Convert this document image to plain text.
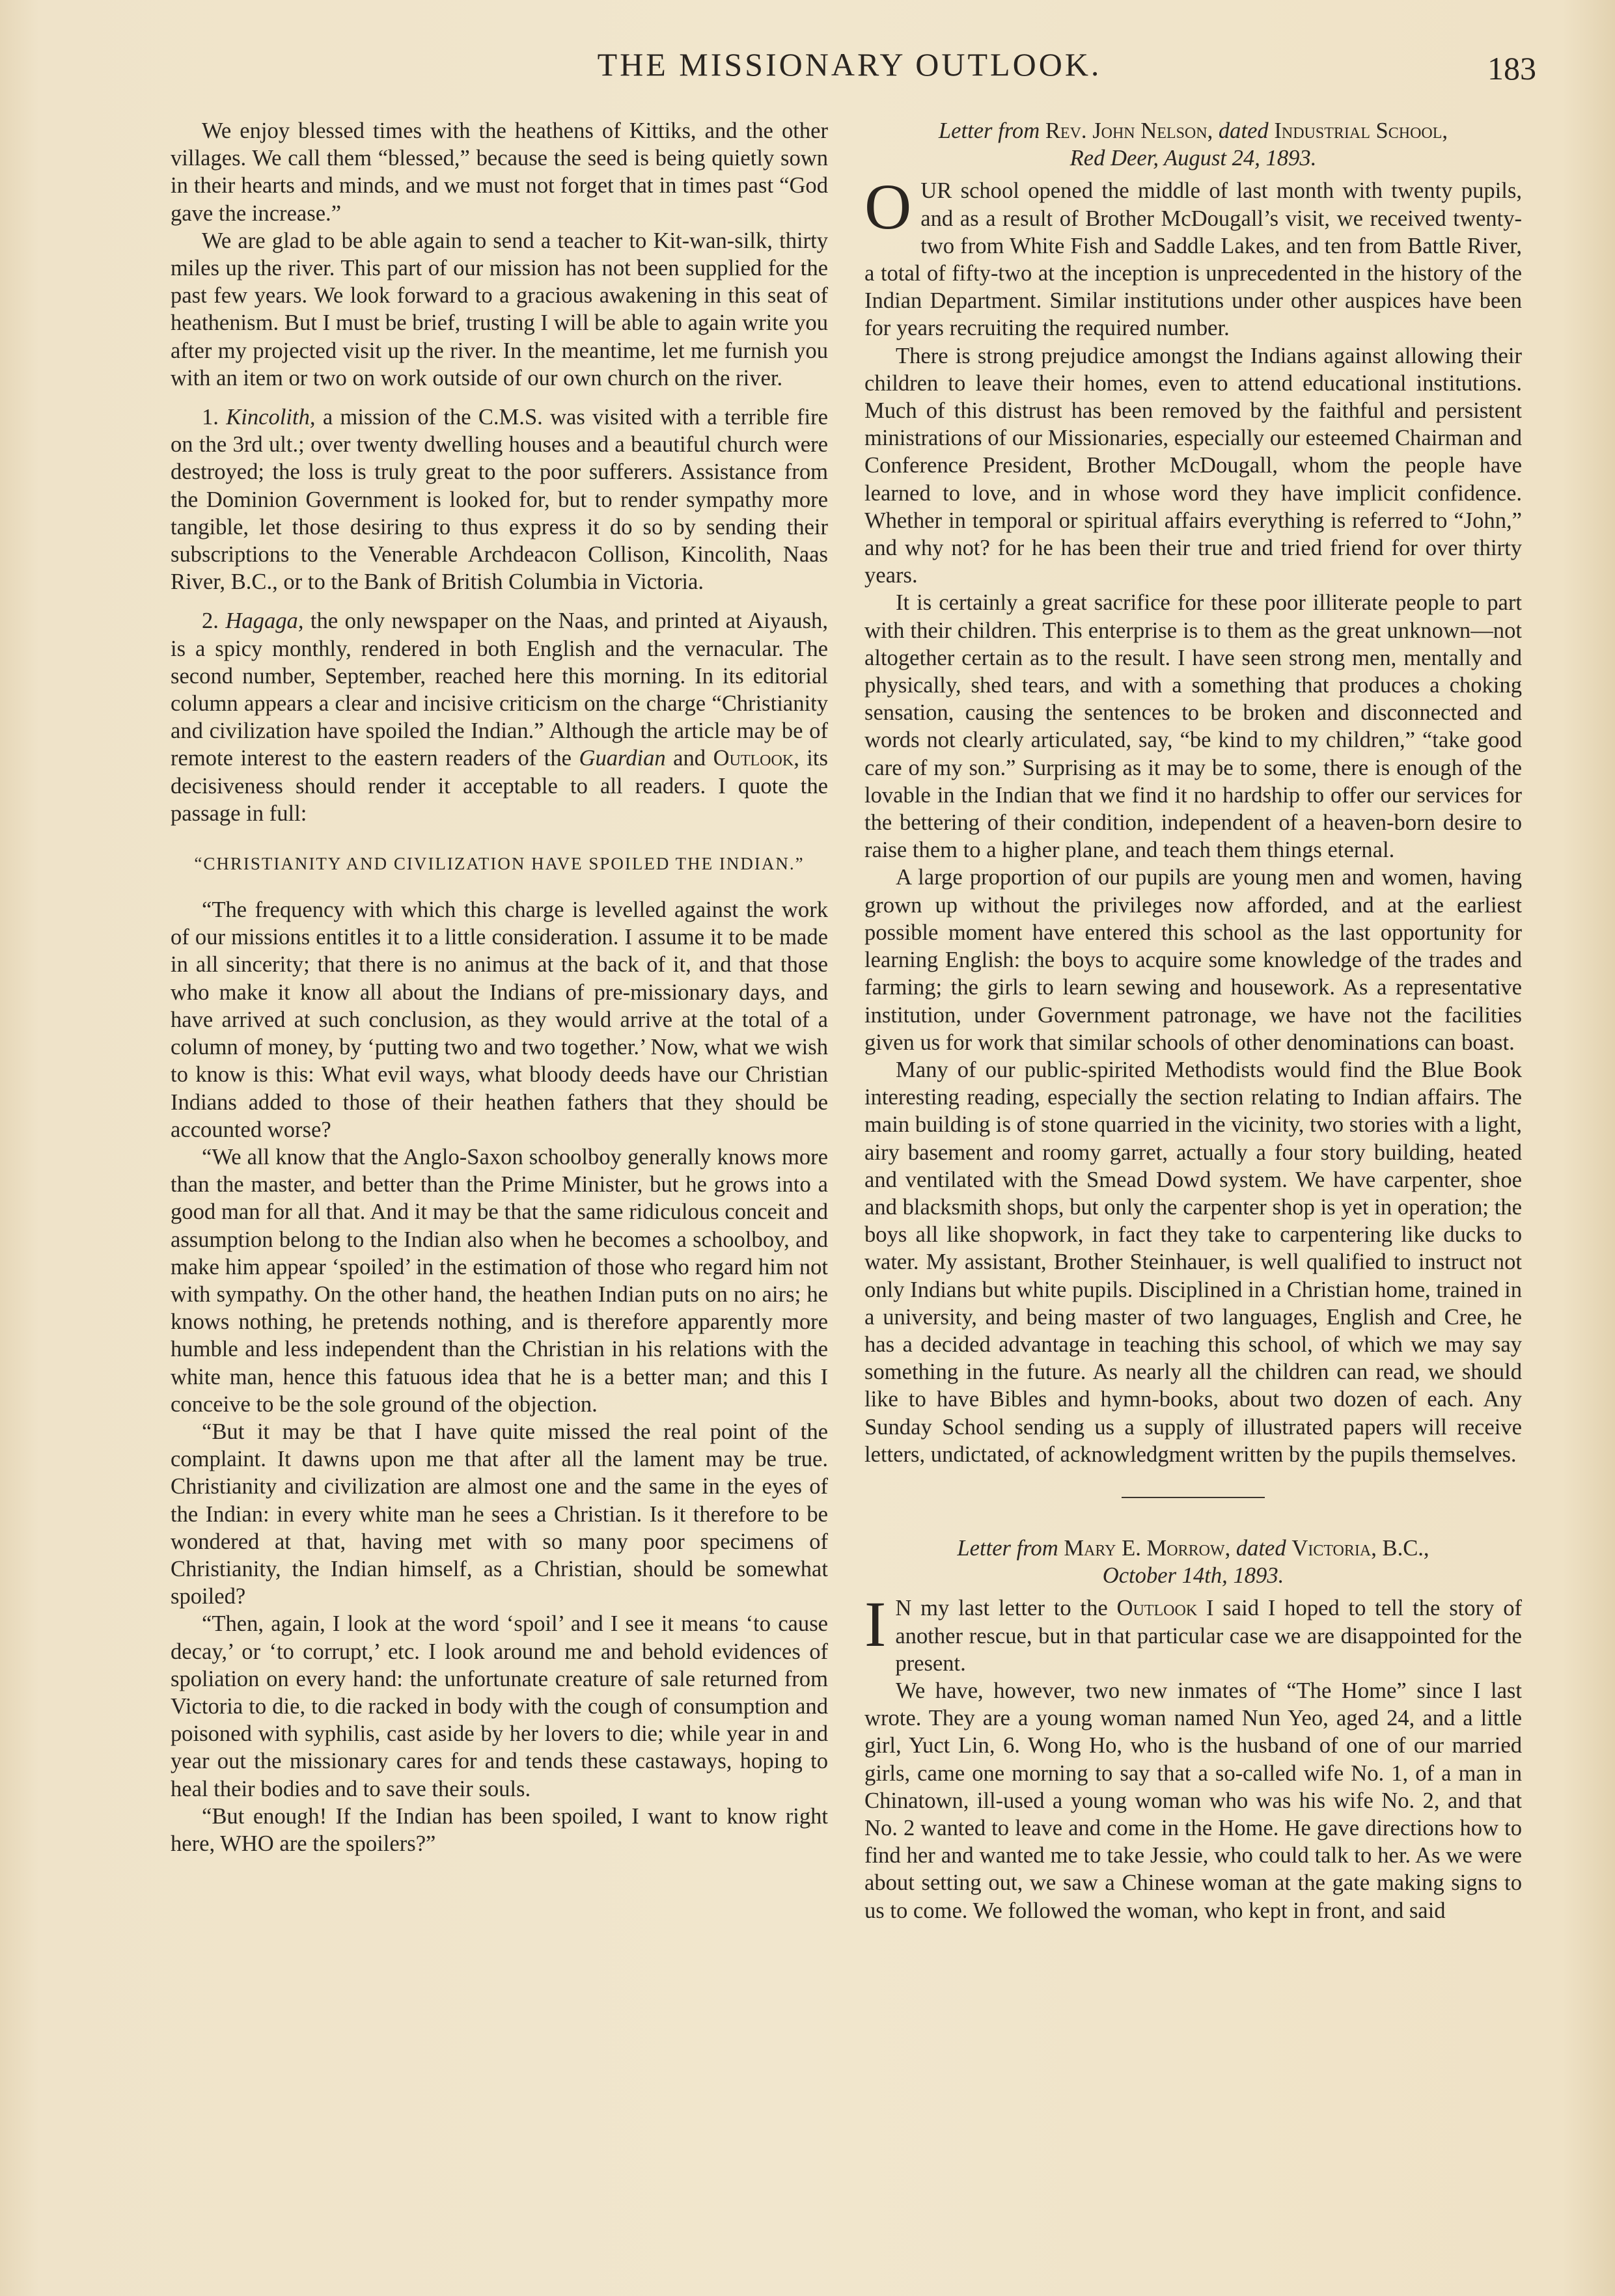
THE MISSIONARY OUTLOOK.	183

We enjoy blessed times with the heathens of Kittiks, and the other villages. We call them “blessed,” because the seed is being quietly sown in their hearts and minds, and we must not forget that in times past “God gave the increase.”

We are glad to be able again to send a teacher to Kit-wan-silk, thirty miles up the river. This part of our mission has not been supplied for the past few years. We look forward to a gracious awakening in this seat of heathenism. But I must be brief, trusting I will be able to again write you after my projected visit up the river. In the meantime, let me furnish you with an item or two on work outside of our own church on the river.

1. Kincolith, a mission of the C.M.S. was visited with a terrible fire on the 3rd ult.; over twenty dwelling houses and a beautiful church were destroyed; the loss is truly great to the poor sufferers. Assistance from the Dominion Government is looked for, but to render sympathy more tangible, let those desiring to thus express it do so by sending their subscriptions to the Venerable Archdeacon Collison, Kincolith, Naas River, B.C., or to the Bank of British Columbia in Victoria.

2. Hagaga, the only newspaper on the Naas, and printed at Aiyaush, is a spicy monthly, rendered in both English and the vernacular. The second number, September, reached here this morning. In its editorial column appears a clear and incisive criticism on the charge “Christianity and civilization have spoiled the Indian.” Although the article may be of remote interest to the eastern readers of the Guardian and Outlook, its decisiveness should render it acceptable to all readers. I quote the passage in full:

“CHRISTIANITY AND CIVILIZATION HAVE SPOILED THE INDIAN.”

“The frequency with which this charge is levelled against the work of our missions entitles it to a little consideration. I assume it to be made in all sincerity; that there is no animus at the back of it, and that those who make it know all about the Indians of pre-missionary days, and have arrived at such conclusion, as they would arrive at the total of a column of money, by ‘putting two and two together.’ Now, what we wish to know is this: What evil ways, what bloody deeds have our Christian Indians added to those of their heathen fathers that they should be accounted worse?

“We all know that the Anglo-Saxon schoolboy generally knows more than the master, and better than the Prime Minister, but he grows into a good man for all that. And it may be that the same ridiculous conceit and assumption belong to the Indian also when he becomes a schoolboy, and make him appear ‘spoiled’ in the estimation of those who regard him not with sympathy. On the other hand, the heathen Indian puts on no airs; he knows nothing, he pretends nothing, and is therefore apparently more humble and less independent than the Christian in his relations with the white man, hence this fatuous idea that he is a better man; and this I conceive to be the sole ground of the objection.

“But it may be that I have quite missed the real point of the complaint. It dawns upon me that after all the lament may be true. Christianity and civilization are almost one and the same in the eyes of the Indian: in every white man he sees a Christian. Is it therefore to be wondered at that, having met with so many poor specimens of Christianity, the Indian himself, as a Christian, should be somewhat spoiled?

“Then, again, I look at the word ‘spoil’ and I see it means ‘to cause decay,’ or ‘to corrupt,’ etc. I look around me and behold evidences of spoliation on every hand: the unfortunate creature of sale returned from Victoria to die, to die racked in body with the cough of consumption and poisoned with syphilis, cast aside by her lovers to die; while year in and year out the missionary cares for and tends these castaways, hoping to heal their bodies and to save their souls.

“But enough! If the Indian has been spoiled, I want to know right here, WHO are the spoilers?”

Letter from Rev. John Nelson, dated Industrial School,
Red Deer, August 24, 1893.

OUR school opened the middle of last month with twenty pupils, and as a result of Brother McDougall’s visit, we received twenty-two from White Fish and Saddle Lakes, and ten from Battle River, a total of fifty-two at the inception is unprecedented in the history of the Indian Department. Similar institutions under other auspices have been for years recruiting the required number.

There is strong prejudice amongst the Indians against allowing their children to leave their homes, even to attend educational institutions. Much of this distrust has been removed by the faithful and persistent ministrations of our Missionaries, especially our esteemed Chairman and Conference President, Brother McDougall, whom the people have learned to love, and in whose word they have implicit confidence. Whether in temporal or spiritual affairs everything is referred to “John,” and why not? for he has been their true and tried friend for over thirty years.

It is certainly a great sacrifice for these poor illiterate people to part with their children. This enterprise is to them as the great unknown—not altogether certain as to the result. I have seen strong men, mentally and physically, shed tears, and with a something that produces a choking sensation, causing the sentences to be broken and disconnected and words not clearly articulated, say, “be kind to my children,” “take good care of my son.” Surprising as it may be to some, there is enough of the lovable in the Indian that we find it no hardship to offer our services for the bettering of their condition, independent of a heaven-born desire to raise them to a higher plane, and teach them things eternal.

A large proportion of our pupils are young men and women, having grown up without the privileges now afforded, and at the earliest possible moment have entered this school as the last opportunity for learning English: the boys to acquire some knowledge of the trades and farming; the girls to learn sewing and housework. As a representative institution, under Government patronage, we have not the facilities given us for work that similar schools of other denominations can boast.

Many of our public-spirited Methodists would find the Blue Book interesting reading, especially the section relating to Indian affairs. The main building is of stone quarried in the vicinity, two stories with a light, airy basement and roomy garret, actually a four story building, heated and ventilated with the Smead Dowd system. We have carpenter, shoe and blacksmith shops, but only the carpenter shop is yet in operation; the boys all like shopwork, in fact they take to carpentering like ducks to water. My assistant, Brother Steinhauer, is well qualified to instruct not only Indians but white pupils. Disciplined in a Christian home, trained in a university, and being master of two languages, English and Cree, he has a decided advantage in teaching this school, of which we may say something in the future. As nearly all the children can read, we should like to have Bibles and hymn-books, about two dozen of each. Any Sunday School sending us a supply of illustrated papers will receive letters, undictated, of acknowledgment written by the pupils themselves.

Letter from Mary E. Morrow, dated Victoria, B.C.,
October 14th, 1893.

I N my last letter to the Outlook I said I hoped to tell the story of another rescue, but in that particular case we are disappointed for the present.

We have, however, two new inmates of “The Home” since I last wrote. They are a young woman named Nun Yeo, aged 24, and a little girl, Yuct Lin, 6. Wong Ho, who is the husband of one of our married girls, came one morning to say that a so-called wife No. 1, of a man in Chinatown, ill-used a young woman who was his wife No. 2, and that No. 2 wanted to leave and come in the Home. He gave directions how to find her and wanted me to take Jessie, who could talk to her. As we were about setting out, we saw a Chinese woman at the gate making signs to us to come. We followed the woman, who kept in front, and said
